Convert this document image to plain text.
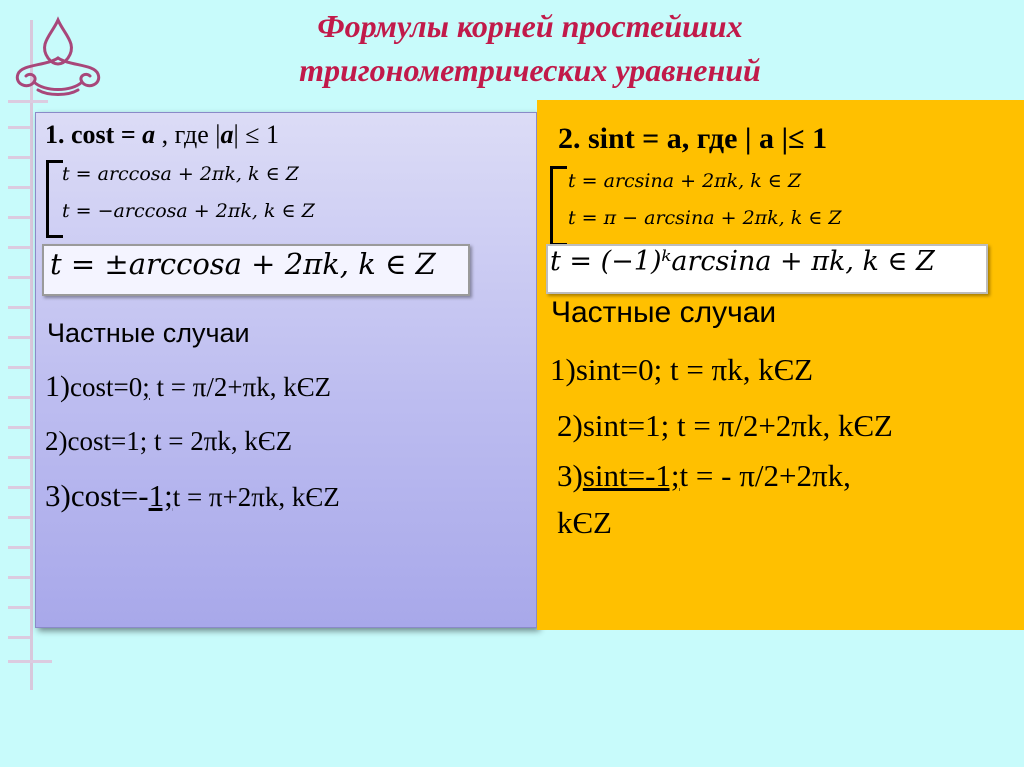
Формулы корней простейших
тригонометрических уравнений
1. cost = a , где |a| ≤ 1
t = arccosa + 2πk, k ∈ Z
t = −arccosa + 2πk, k ∈ Z
t = ±arccosa + 2πk, k ∈ Z
Частные случаи
1)cost=0; t = π/2+πk, kЄZ
2)cost=1; t = 2πk, kЄZ
3)cost=-1;t = π+2πk, kЄZ
2. sint = a, где | a |≤ 1
t = arcsina + 2πk, k ∈ Z
t = π − arcsina + 2πk, k ∈ Z
t = (−1)ᵏarcsina + πk, k ∈ Z
Частные случаи
1)sint=0; t = πk, kЄZ
2)sint=1; t = π/2+2πk, kЄZ
3)sint=-1;t = - π/2+2πk,
kЄZ
